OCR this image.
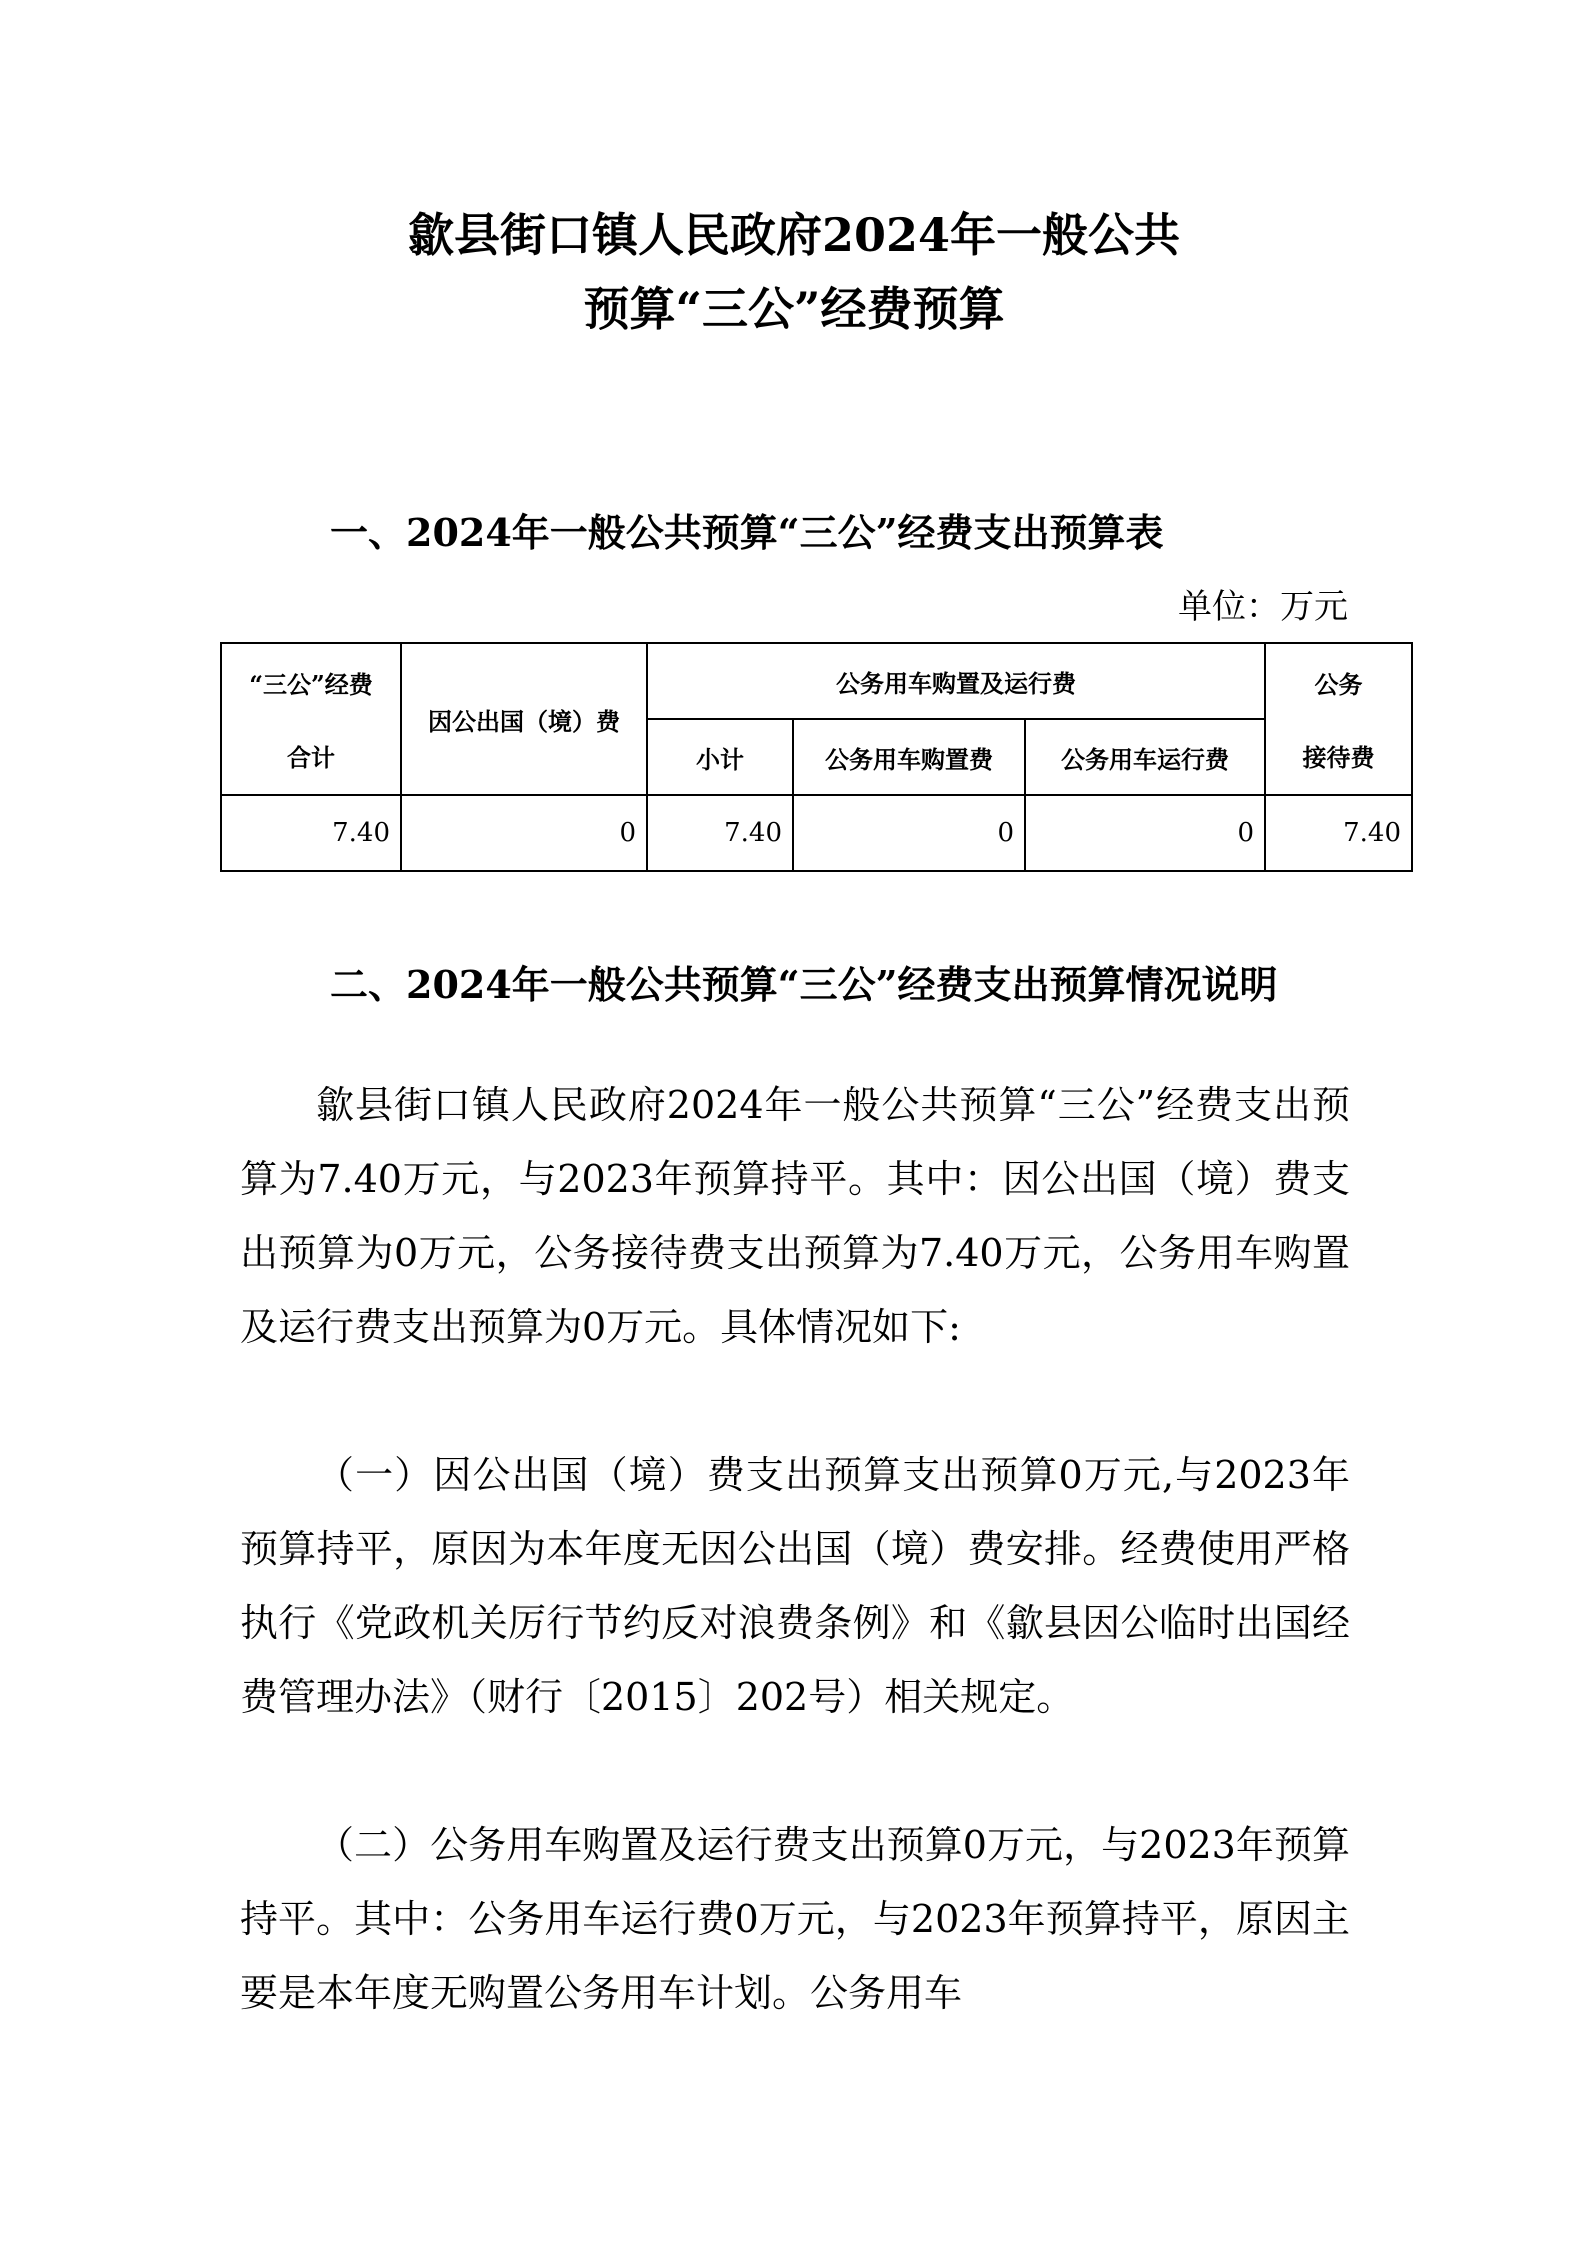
歙县街口镇人民政府2024年一般公共
预算“三公”经费预算
一、2024年一般公共预算“三公”经费支出预算表
单位：万元
“三公”经费
合计	因公出国（境）费	公务用车购置及运行费			公务
接待费

		小计	公务用车购置费	公务用车运行费	
7.40	0	7.40	0	0	7.40
二、2024年一般公共预算“三公”经费支出预算情况说明

歙县街口镇人民政府2024年一般公共预算“三公”经费支出预算为7.40万元，与2023年预算持平。其中：因公出国（境）费支出预算为0万元，公务接待费支出预算为7.40万元，公务用车购置及运行费支出预算为0万元。具体情况如下:

（一）因公出国（境）费支出预算支出预算0万元,与2023年预算持平，原因为本年度无因公出国（境）费安排。经费使用严格执行《党政机关厉行节约反对浪费条例》和《歙县因公临时出国经费管理办法》（财行〔2015〕202号）相关规定。

（二）公务用车购置及运行费支出预算0万元，与2023年预算持平。其中：公务用车运行费0万元，与2023年预算持平，原因主要是本年度无购置公务用车计划。公务用车
